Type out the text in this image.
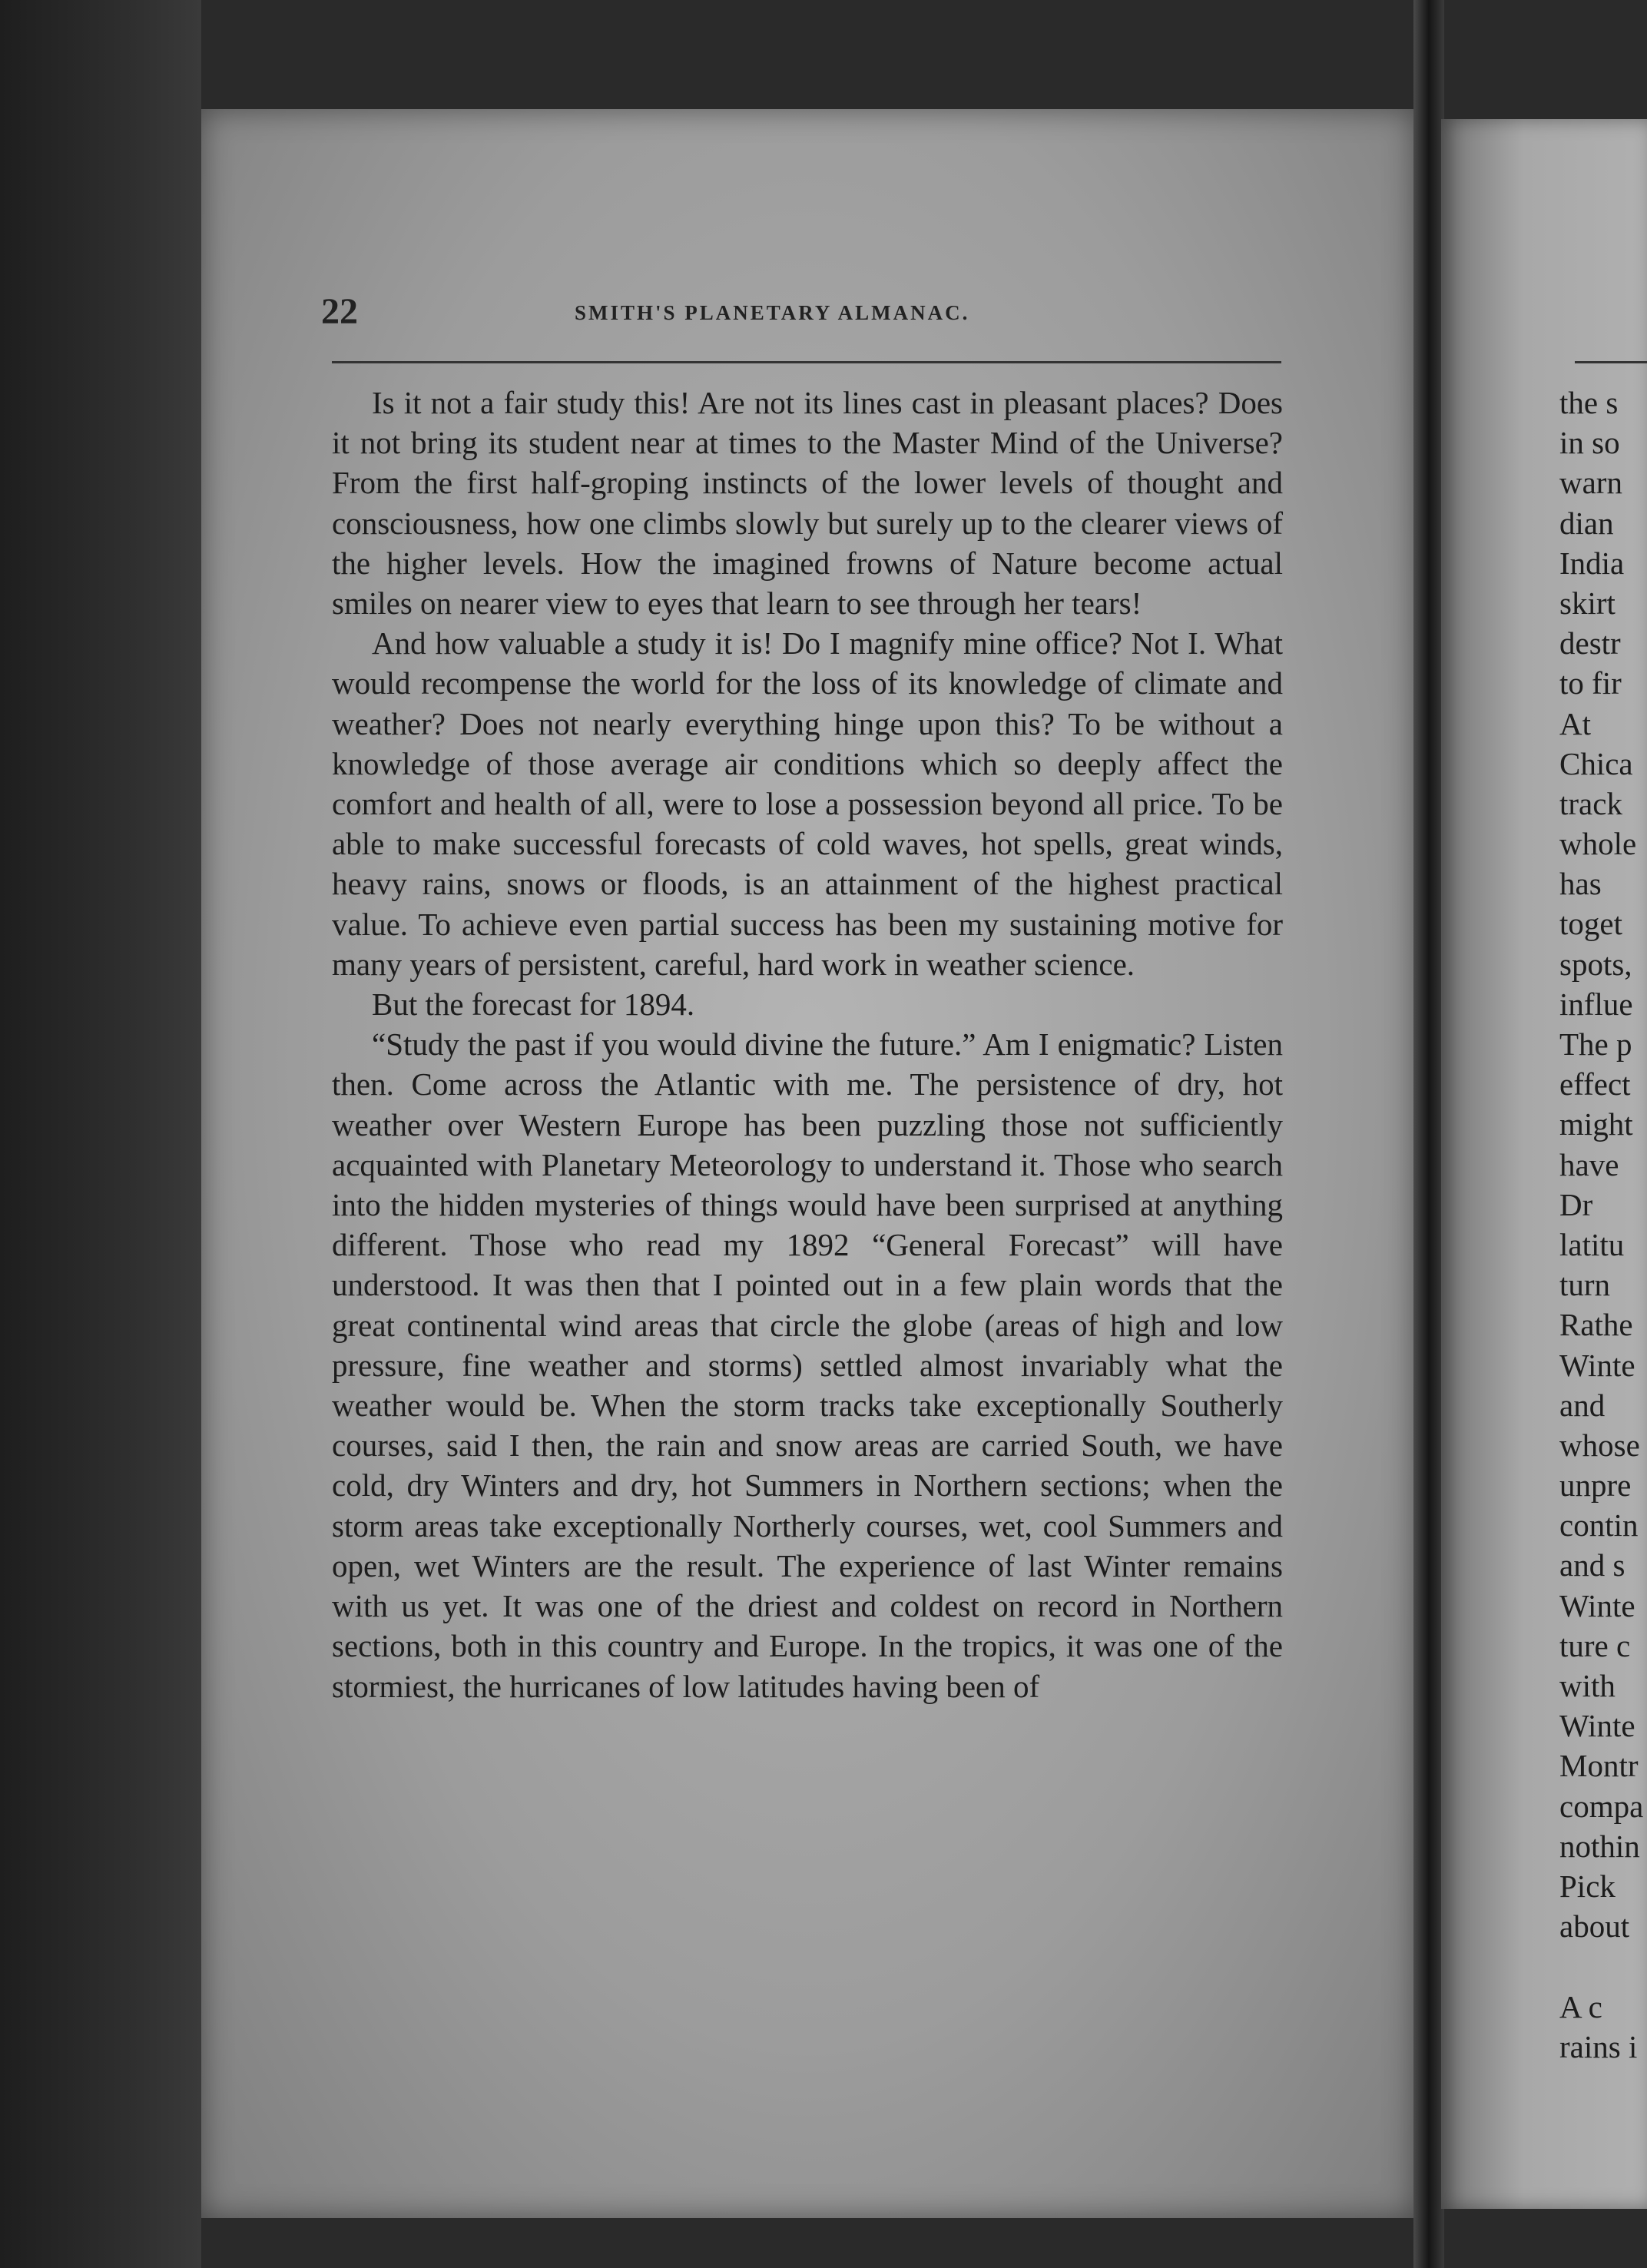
22	SMITH'S PLANETARY ALMANAC.

Is it not a fair study this! Are not its lines cast in pleasant places? Does it not bring its student near at times to the Master Mind of the Universe? From the first half-groping instincts of the lower levels of thought and consciousness, how one climbs slowly but surely up to the clearer views of the higher levels. How the imagined frowns of Nature become actual smiles on nearer view to eyes that learn to see through her tears!

And how valuable a study it is! Do I magnify mine office? Not I. What would recompense the world for the loss of its knowledge of climate and weather? Does not nearly everything hinge upon this? To be without a knowledge of those average air conditions which so deeply affect the comfort and health of all, were to lose a possession beyond all price. To be able to make successful forecasts of cold waves, hot spells, great winds, heavy rains, snows or floods, is an attainment of the highest practical value. To achieve even partial success has been my sustaining motive for many years of persistent, careful, hard work in weather science.

But the forecast for 1894.

“Study the past if you would divine the future.” Am I enigmatic? Listen then. Come across the Atlantic with me. The persistence of dry, hot weather over Western Europe has been puzzling those not sufficiently acquainted with Planetary Meteorology to understand it. Those who search into the hidden mysteries of things would have been surprised at anything different. Those who read my 1892 “General Forecast” will have understood. It was then that I pointed out in a few plain words that the great continental wind areas that circle the globe (areas of high and low pressure, fine weather and storms) settled almost invariably what the weather would be. When the storm tracks take exceptionally Southerly courses, said I then, the rain and snow areas are carried South, we have cold, dry Winters and dry, hot Summers in Northern sections; when the storm areas take exceptionally Northerly courses, wet, cool Summers and open, wet Winters are the result. The experience of last Winter remains with us yet. It was one of the driest and coldest on record in Northern sections, both in this country and Europe. In the tropics, it was one of the stormiest, the hurricanes of low latitudes having been of

the s
in so
warn
dian
India
skirt
destr
to fir
At
Chica
track
whole
has
toget
spots,
influe
The p
effect
might
have
Dr
latitu
turn
Rathe
Winte
and
whose
unpre
contin
and s
Winte
ture c
with
Winte
Montr
compa
nothin
Pick
about
A c
rains i
